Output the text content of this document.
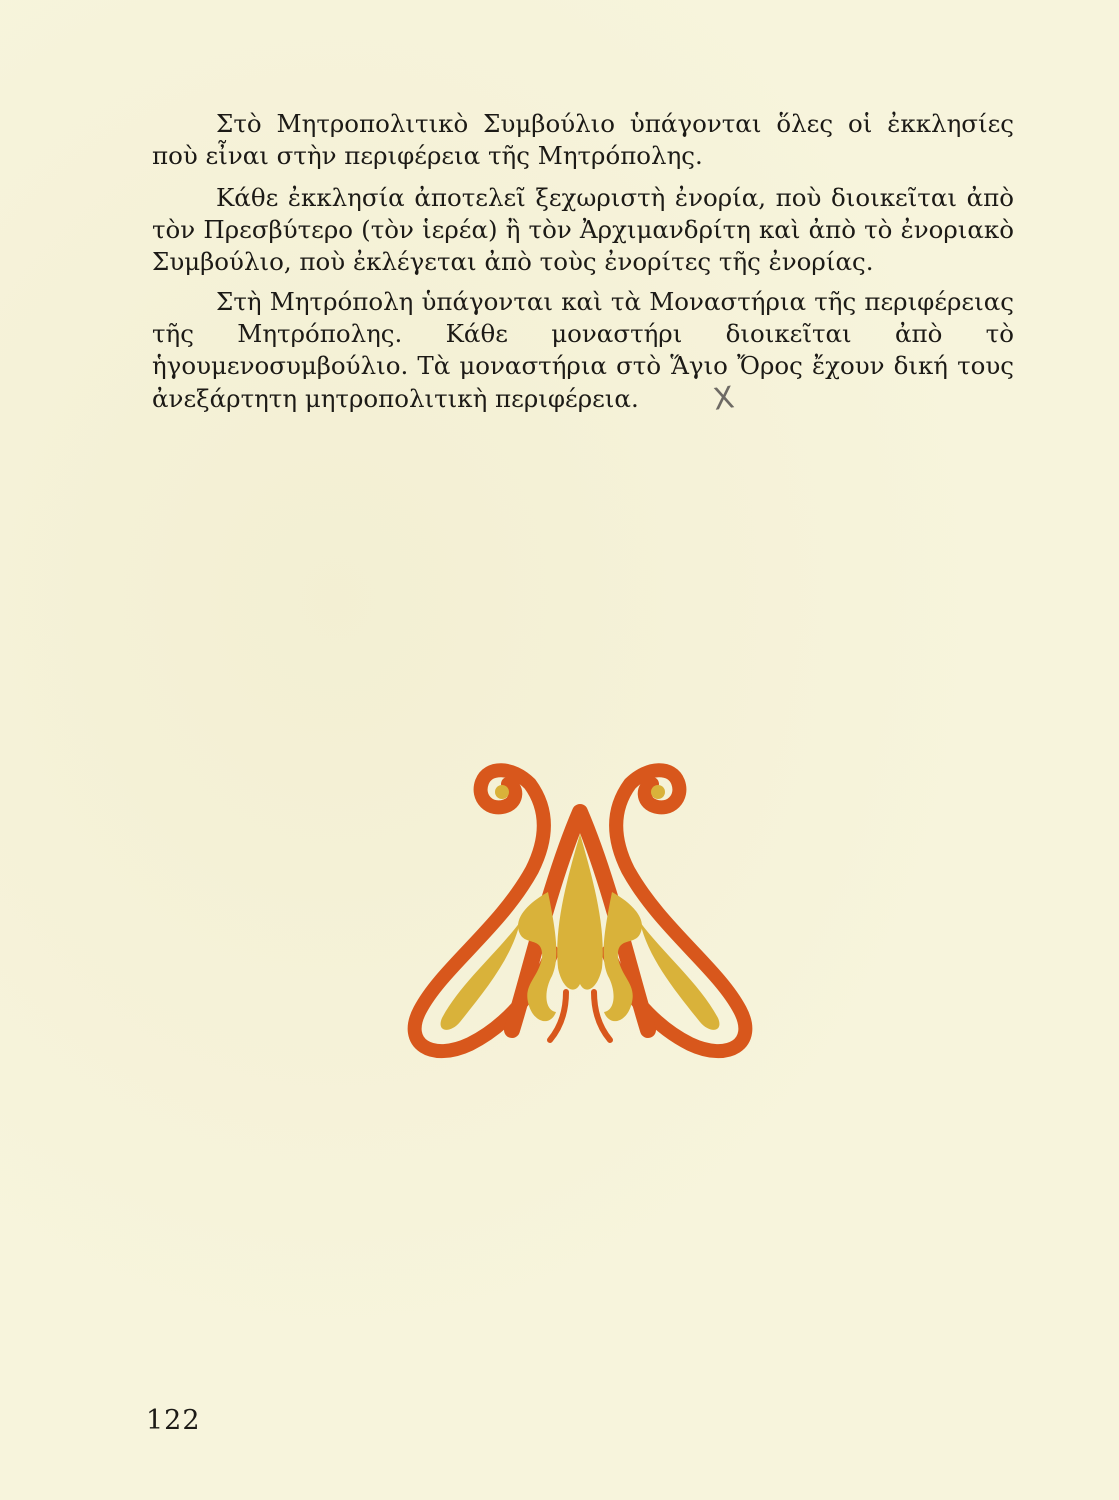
Στὸ Μητροπολιτικὸ Συμβούλιο ὑπάγονται ὅλες οἱ ἐκκλησίες ποὺ εἶναι στὴν περιφέρεια τῆς Μητρόπολης.

Κάθε ἐκκλησία ἀποτελεῖ ξεχωριστὴ ἐνορία, ποὺ διοικεῖται ἀπὸ τὸν Πρεσβύτερο (τὸν ἱερέα) ἢ τὸν Ἀρχιμανδρίτη καὶ ἀπὸ τὸ ἐνοριακὸ Συμβούλιο, ποὺ ἐκλέγεται ἀπὸ τοὺς ἐνορίτες τῆς ἐνορίας.

Στὴ Μητρόπολη ὑπάγονται καὶ τὰ Μοναστήρια τῆς περιφέρειας τῆς Μητρόπολης. Κάθε μοναστήρι διοικεῖται ἀπὸ τὸ ἡγουμενοσυμβούλιο. Τὰ μοναστήρια στὸ Ἅγιο Ὄρος ἔχουν δική τους ἀνεξάρτητη μητροπολιτικὴ περιφέρεια. X

122
